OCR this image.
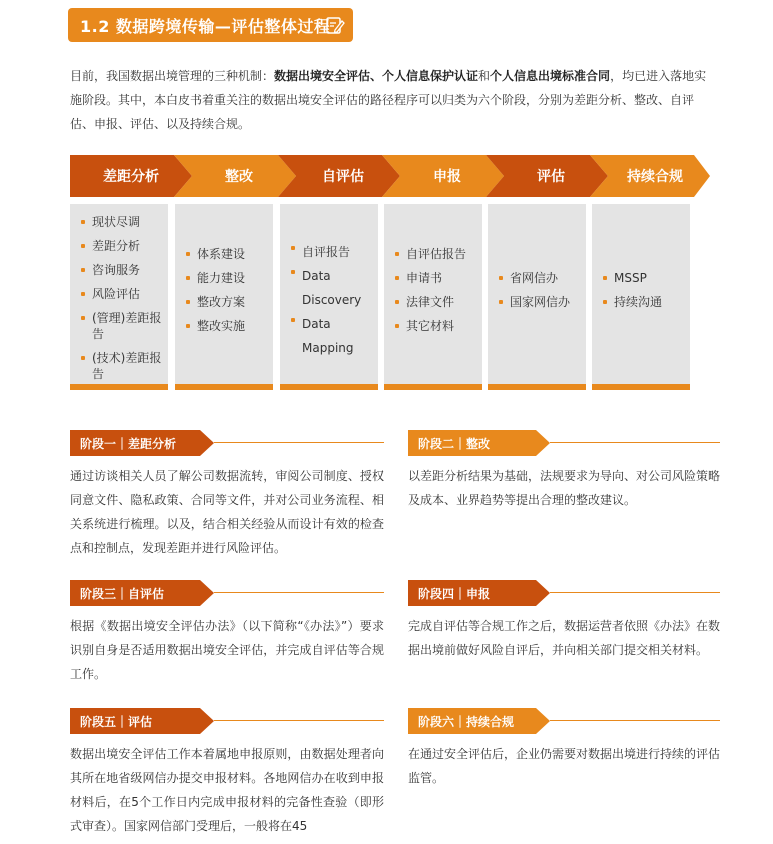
1.2 数据跨境传输—评估整体过程

目前，我国数据出境管理的三种机制：数据出境安全评估、个人信息保护认证和个人信息出境标准合同，均已进入落地实施阶段。其中，本白皮书着重关注的数据出境安全评估的路径程序可以归类为六个阶段，分别为差距分析、整改、自评估、申报、评估、以及持续合规。

差距分析	整改	自评估	申报	评估	持续合规
现状尽调
差距分析
咨询服务
风险评估
(管理)差距报告
(技术)差距报告
体系建设
能力建设
整改方案
整改实施
自评报告
Data Discovery
Data Mapping
自评估报告
申请书
法律文件
其它材料
省网信办
国家网信办
MSSP
持续沟通
阶段一｜差距分析

通过访谈相关人员了解公司数据流转，审阅公司制度、授权同意文件、隐私政策、合同等文件，并对公司业务流程、相关系统进行梳理。以及，结合相关经验从而设计有效的检查点和控制点，发现差距并进行风险评估。

阶段二｜整改

以差距分析结果为基础，法规要求为导向、对公司风险策略及成本、业界趋势等提出合理的整改建议。

阶段三｜自评估

根据《数据出境安全评估办法》（以下简称“《办法》”）要求识别自身是否适用数据出境安全评估，并完成自评估等合规工作。

阶段四｜申报

完成自评估等合规工作之后，数据运营者依照《办法》在数据出境前做好风险自评后，并向相关部门提交相关材料。

阶段五｜评估

数据出境安全评估工作本着属地申报原则，由数据处理者向其所在地省级网信办提交申报材料。各地网信办在收到申报材料后，在5个工作日内完成申报材料的完备性查验（即形式审查）。国家网信部门受理后，一般将在45

阶段六｜持续合规

在通过安全评估后，企业仍需要对数据出境进行持续的评估监管。
